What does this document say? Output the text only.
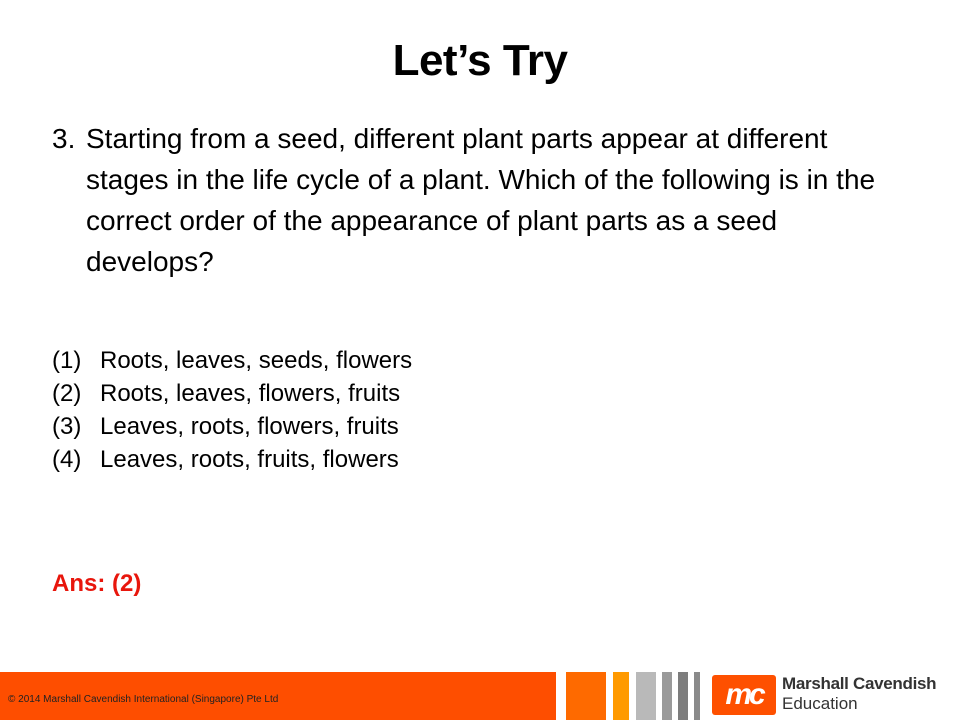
Let’s Try
3. Starting from a seed, different plant parts appear at different stages in the life cycle of a plant. Which of the following is in the correct order of the appearance of plant parts as a seed develops?
(1) Roots, leaves, seeds, flowers
(2) Roots, leaves, flowers, fruits
(3) Leaves, roots, flowers, fruits
(4) Leaves, roots, fruits, flowers
Ans: (2)
© 2014 Marshall Cavendish International (Singapore) Pte Ltd	mc	Marshall Cavendish
Education
